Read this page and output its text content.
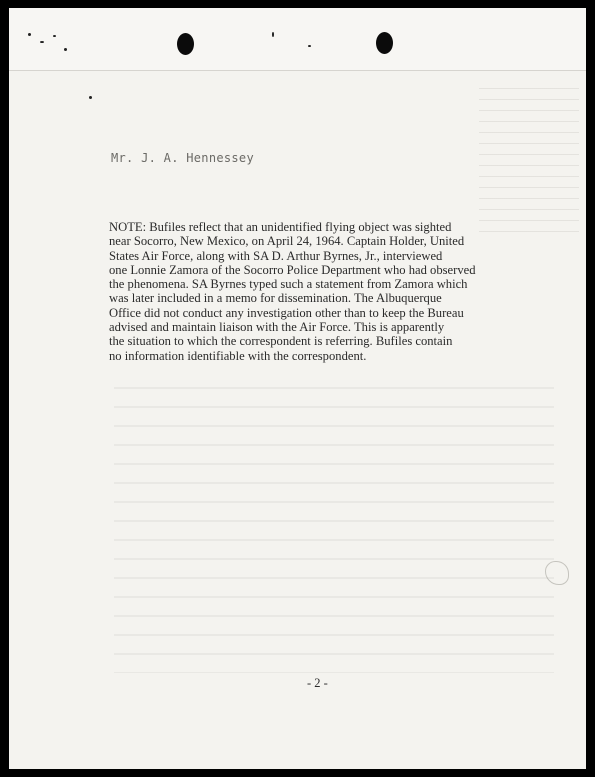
Mr. J. A. Hennessey
NOTE: Bufiles reflect that an unidentified flying object was sighted
near Socorro, New Mexico, on April 24, 1964. Captain Holder, United
States Air Force, along with SA D. Arthur Byrnes, Jr., interviewed
one Lonnie Zamora of the Socorro Police Department who had observed
the phenomena. SA Byrnes typed such a statement from Zamora which
was later included in a memo for dissemination. The Albuquerque
Office did not conduct any investigation other than to keep the Bureau
advised and maintain liaison with the Air Force. This is apparently
the situation to which the correspondent is referring. Bufiles contain
no information identifiable with the correspondent.
- 2 -
